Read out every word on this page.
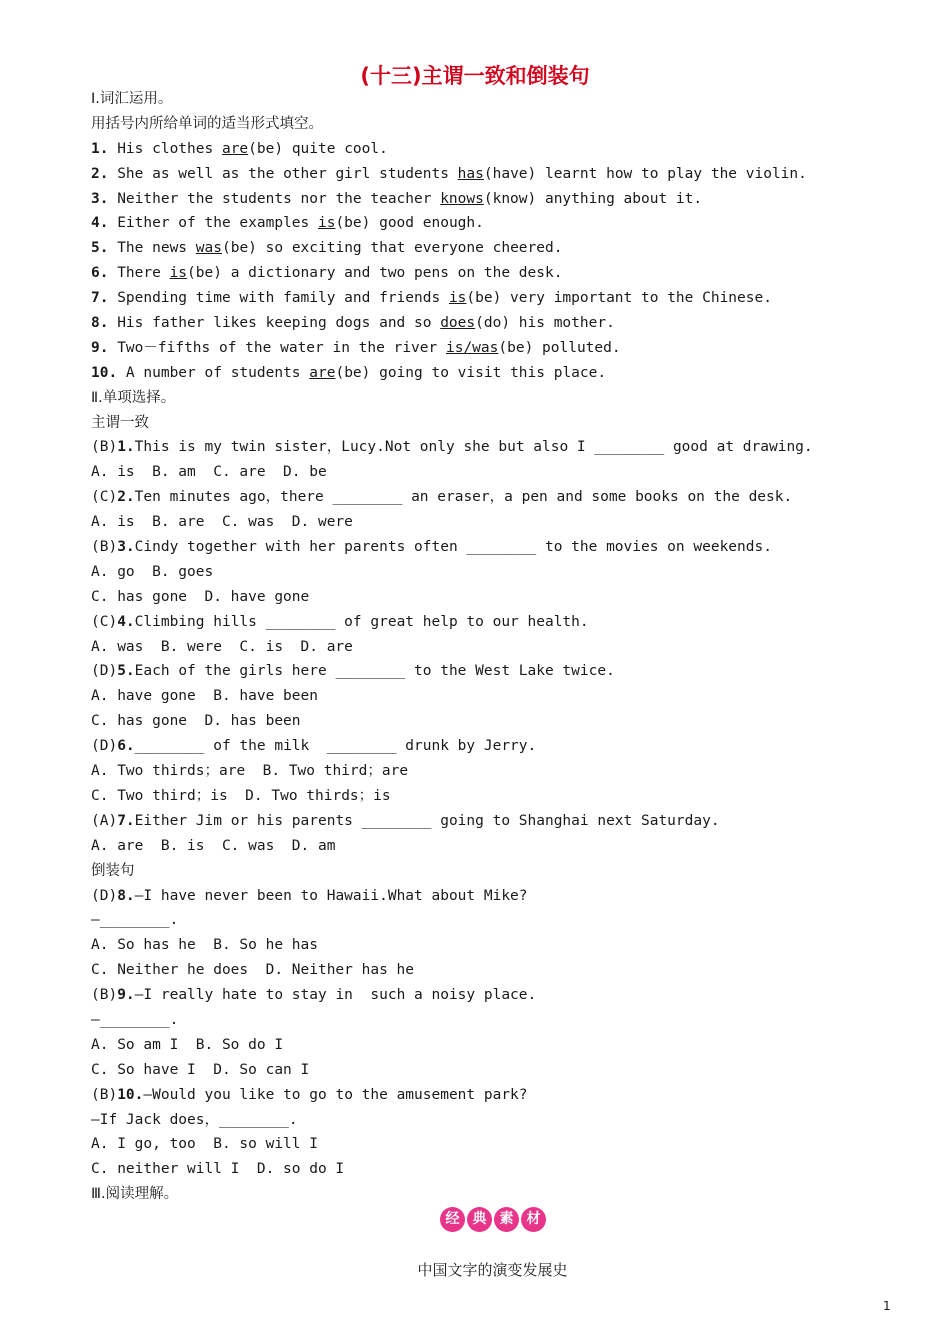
(十三)主谓一致和倒装句
Ⅰ.词汇运用。
用括号内所给单词的适当形式填空。
1. His clothes are(be) quite cool.
2. She as well as the other girl students has(have) learnt how to play the violin.
3. Neither the students nor the teacher knows(know) anything about it.
4. Either of the examples is(be) good enough.
5. The news was(be) so exciting that everyone cheered.
6. There is(be) a dictionary and two pens on the desk.
7. Spending time with family and friends is(be) very important to the Chinese.
8. His father likes keeping dogs and so does(do) his mother.
9. Two－fifths of the water in the river is/was(be) polluted.
10. A number of students are(be) going to visit this place.
Ⅱ.单项选择。
主谓一致
(B)1.This is my twin sister，Lucy.Not only she but also I ________ good at drawing.
A. is  B. am  C. are  D. be
(C)2.Ten minutes ago，there ________ an eraser，a pen and some books on the desk.
A. is  B. are  C. was  D. were
(B)3.Cindy together with her parents often ________ to the movies on weekends.
A. go  B. goes
C. has gone  D. have gone
(C)4.Climbing hills ________ of great help to our health.
A. was  B. were  C. is  D. are
(D)5.Each of the girls here ________ to the West Lake twice.
A. have gone  B. have been
C. has gone  D. has been
(D)6.________ of the milk  ________ drunk by Jerry.
A. Two thirds；are  B. Two third；are
C. Two third；is  D. Two thirds；is
(A)7.Either Jim or his parents ________ going to Shanghai next Saturday.
A. are  B. is  C. was  D. am
倒装句
(D)8.—I have never been to Hawaii.What about Mike?
—________.
A. So has he  B. So he has
C. Neither he does  D. Neither has he
(B)9.—I really hate to stay in  such a noisy place.
—________.
A. So am I  B. So do I
C. So have I  D. So can I
(B)10.—Would you like to go to the amusement park?
—If Jack does，________.
A. I go, too  B. so will I
C. neither will I  D. so do I
Ⅲ.阅读理解。
经 典 素 材
中国文字的演变发展史
1
